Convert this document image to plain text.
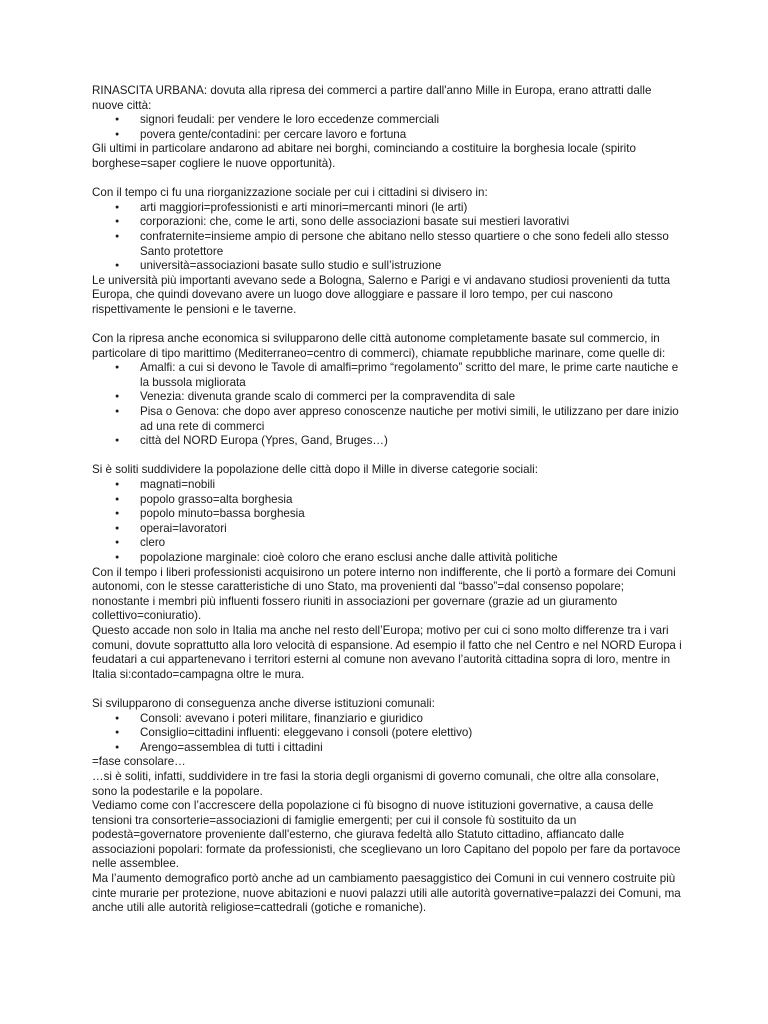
RINASCITA URBANA: dovuta alla ripresa dei commerci a partire dall'anno Mille in Europa, erano attratti dalle nuove città:

● signori feudali: per vendere le loro eccedenze commerciali
● povera gente/contadini: per cercare lavoro e fortuna

Gli ultimi in particolare andarono ad abitare nei borghi, cominciando a costituire la borghesia locale (spirito borghese=saper cogliere le nuove opportunità).

Con il tempo ci fu una riorganizzazione sociale per cui i cittadini si divisero in:

● arti maggiori=professionisti e arti minori=mercanti minori (le arti)
● corporazioni: che, come le arti, sono delle associazioni basate sui mestieri lavorativi
● confraternite=insieme ampio di persone che abitano nello stesso quartiere o che sono fedeli allo stesso Santo protettore
● università=associazioni basate sullo studio e sull’istruzione

Le università più importanti avevano sede a Bologna, Salerno e Parigi e vi andavano studiosi provenienti da tutta Europa, che quindi dovevano avere un luogo dove alloggiare e passare il loro tempo, per cui nascono rispettivamente le pensioni e le taverne.

Con la ripresa anche economica si svilupparono delle città autonome completamente basate sul commercio, in particolare di tipo marittimo (Mediterraneo=centro di commerci), chiamate repubbliche marinare, come quelle di:

● Amalfi: a cui si devono le Tavole di amalfi=primo “regolamento” scritto del mare, le prime carte nautiche e la bussola migliorata
● Venezia: divenuta grande scalo di commerci per la compravendita di sale
● Pisa o Genova: che dopo aver appreso conoscenze nautiche per motivi simili, le utilizzano per dare inizio ad una rete di commerci
● città del NORD Europa (Ypres, Gand, Bruges…)

Si è soliti suddividere la popolazione delle città dopo il Mille in diverse categorie sociali:

● magnati=nobili
● popolo grasso=alta borghesia
● popolo minuto=bassa borghesia
● operai=lavoratori
● clero
● popolazione marginale: cioè coloro che erano esclusi anche dalle attività politiche

Con il tempo i liberi professionisti acquisirono un potere interno non indifferente, che li portò a formare dei Comuni autonomi, con le stesse caratteristiche di uno Stato, ma provenienti dal “basso”=dal consenso popolare; nonostante i membri più influenti fossero riuniti in associazioni per governare (grazie ad un giuramento collettivo=coniuratio).

Questo accade non solo in Italia ma anche nel resto dell’Europa; motivo per cui ci sono molto differenze tra i vari comuni, dovute soprattutto alla loro velocità di espansione. Ad esempio il fatto che nel Centro e nel NORD Europa i feudatari a cui appartenevano i territori esterni al comune non avevano l’autorità cittadina sopra di loro, mentre in Italia si:contado=campagna oltre le mura.

Si svilupparono di conseguenza anche diverse istituzioni comunali:

● Consoli: avevano i poteri militare, finanziario e giuridico
● Consiglio=cittadini influenti: eleggevano i consoli (potere elettivo)
● Arengo=assemblea di tutti i cittadini

=fase consolare…

…si è soliti, infatti, suddividere in tre fasi la storia degli organismi di governo comunali, che oltre alla consolare, sono la podestarile e la popolare.

Vediamo come con l’accrescere della popolazione ci fù bisogno di nuove istituzioni governative, a causa delle tensioni tra consorterie=associazioni di famiglie emergenti; per cui il console fù sostituito da un podestà=governatore proveniente dall'esterno, che giurava fedeltà allo Statuto cittadino, affiancato dalle associazioni popolari: formate da professionisti, che sceglievano un loro Capitano del popolo per fare da portavoce nelle assemblee.

Ma l’aumento demografico portò anche ad un cambiamento paesaggistico dei Comuni in cui vennero costruite più cinte murarie per protezione, nuove abitazioni e nuovi palazzi utili alle autorità governative=palazzi dei Comuni, ma anche utili alle autorità religiose=cattedrali (gotiche e romaniche).
